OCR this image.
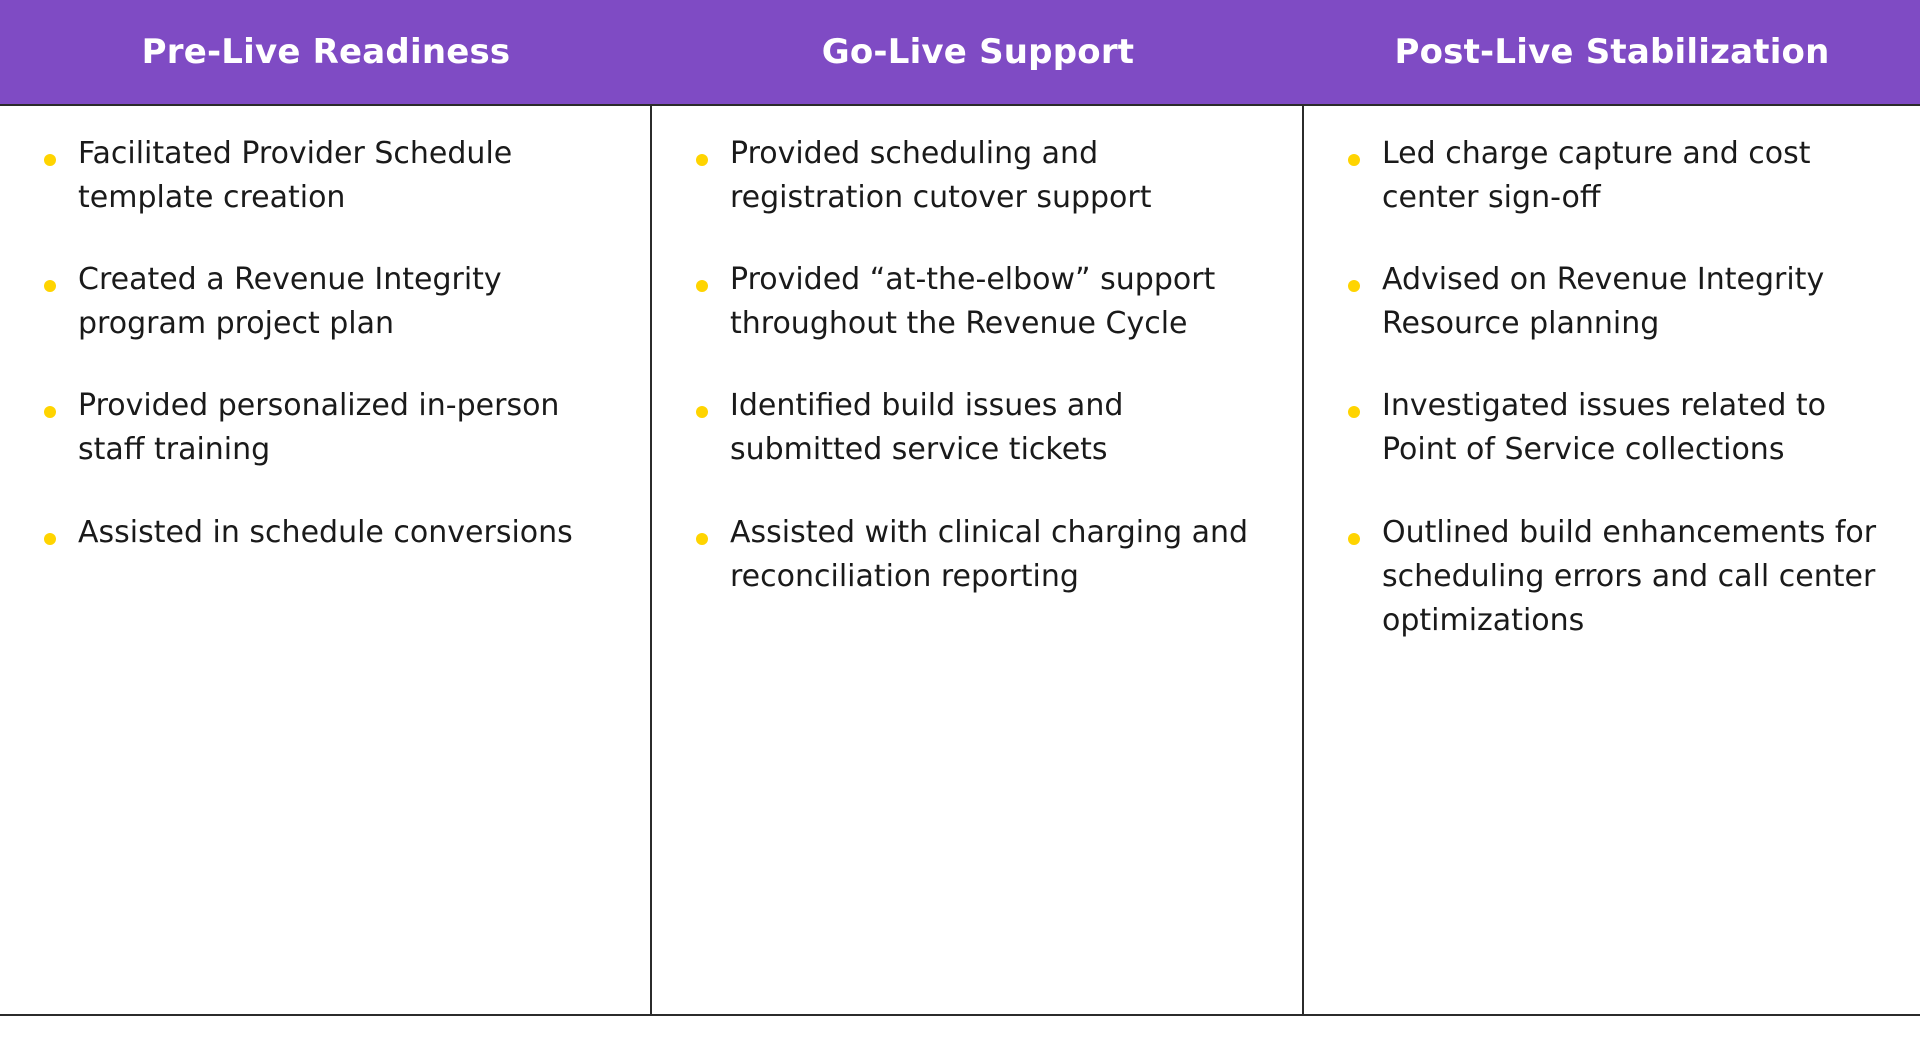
Pre-Live Readiness	Go-Live Support	Post-Live Stabilization
Facilitated Provider Schedule template creation
Created a Revenue Integrity program project plan
Provided personalized in-person staff training
Assisted in schedule conversions
Provided scheduling and registration cutover support
Provided “at-the-elbow” support throughout the Revenue Cycle
Identified build issues and submitted service tickets
Assisted with clinical charging and reconciliation reporting
Led charge capture and cost center sign-off
Advised on Revenue Integrity Resource planning
Investigated issues related to Point of Service collections
Outlined build enhancements for scheduling errors and call center optimizations
